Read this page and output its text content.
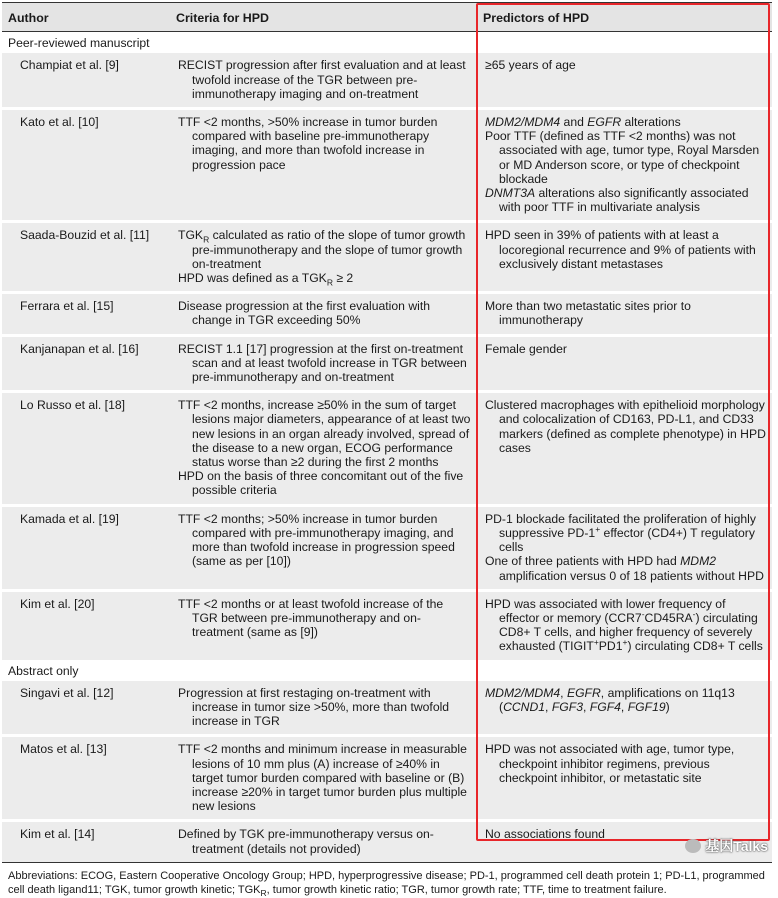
Author	Criteria for HPD	Predictors of HPD
Peer-reviewed manuscript		
Champiat et al. [9]	RECIST progression after first evaluation and at least twofold increase of the TGR between pre-immunotherapy imaging and on-treatment	≥65 years of age

Kato et al. [10]	TTF <2 months, >50% increase in tumor burden compared with baseline pre-immunotherapy imaging, and more than twofold increase in progression pace	MDM2/MDM4 and EGFR alterations
Poor TTF (defined as TTF <2 months) was not associated with age, tumor type, Royal Marsden or MD Anderson score, or type of checkpoint blockade
DNMT3A alterations also significantly associated with poor TTF in multivariate analysis

Saada-Bouzid et al. [11]	$TGK_R$ calculated as ratio of the slope of tumor growth pre-immunotherapy and the slope of tumor growth on-treatment
HPD was defined as a $TGK_R \ge 2$	HPD seen in 39% of patients with at least a locoregional recurrence and 9% of patients with exclusively distant metastases

Ferrara et al. [15]	Disease progression at the first evaluation with change in TGR exceeding 50%	More than two metastatic sites prior to immunotherapy

Kanjanapan et al. [16]	RECIST 1.1 [17] progression at the first on-treatment scan and at least twofold increase in TGR between pre-immunotherapy and on-treatment	Female gender

Lo Russo et al. [18]	TTF <2 months, increase ≥50% in the sum of target lesions major diameters, appearance of at least two new lesions in an organ already involved, spread of the disease to a new organ, ECOG performance status worse than ≥2 during the first 2 months
HPD on the basis of three concomitant out of the five possible criteria	Clustered macrophages with epithelioid morphology and colocalization of CD163, PD-L1, and CD33 markers (defined as complete phenotype) in HPD cases

Kamada et al. [19]	TTF <2 months; >50% increase in tumor burden compared with pre-immunotherapy imaging, and more than twofold increase in progression speed (same as per [10])	PD-1 blockade facilitated the proliferation of highly suppressive PD-1+ effector (CD4+) T regulatory cells
One of three patients with HPD had MDM2 amplification versus 0 of 18 patients without HPD

Kim et al. [20]	TTF <2 months or at least twofold increase of the TGR between pre-immunotherapy and on-treatment (same as [9])	HPD was associated with lower frequency of effector or memory (CCR7-CD45RA-) circulating CD8+ T cells, and higher frequency of severely exhausted (TIGIT+PD1+) circulating CD8+ T cells

Abstract only		
Singavi et al. [12]	Progression at first restaging on-treatment with increase in tumor size >50%, more than twofold increase in TGR	MDM2/MDM4, EGFR, amplifications on 11q13 (CCND1, FGF3, FGF4, FGF19)

Matos et al. [13]	TTF <2 months and minimum increase in measurable lesions of 10 mm plus (A) increase of ≥40% in target tumor burden compared with baseline or (B) increase ≥20% in target tumor burden plus multiple new lesions	HPD was not associated with age, tumor type, checkpoint inhibitor regimens, previous checkpoint inhibitor, or metastatic site

Kim et al. [14]	Defined by TGK pre-immunotherapy versus on-treatment (details not provided)	No associations found
Abbreviations: ECOG, Eastern Cooperative Oncology Group; HPD, hyperprogressive disease; PD-1, programmed cell death protein 1; PD-L1, programmed cell death ligand11; TGK, tumor growth kinetic; $TGK_R$, tumor growth kinetic ratio; TGR, tumor growth rate; TTF, time to treatment failure.
基因Talks
